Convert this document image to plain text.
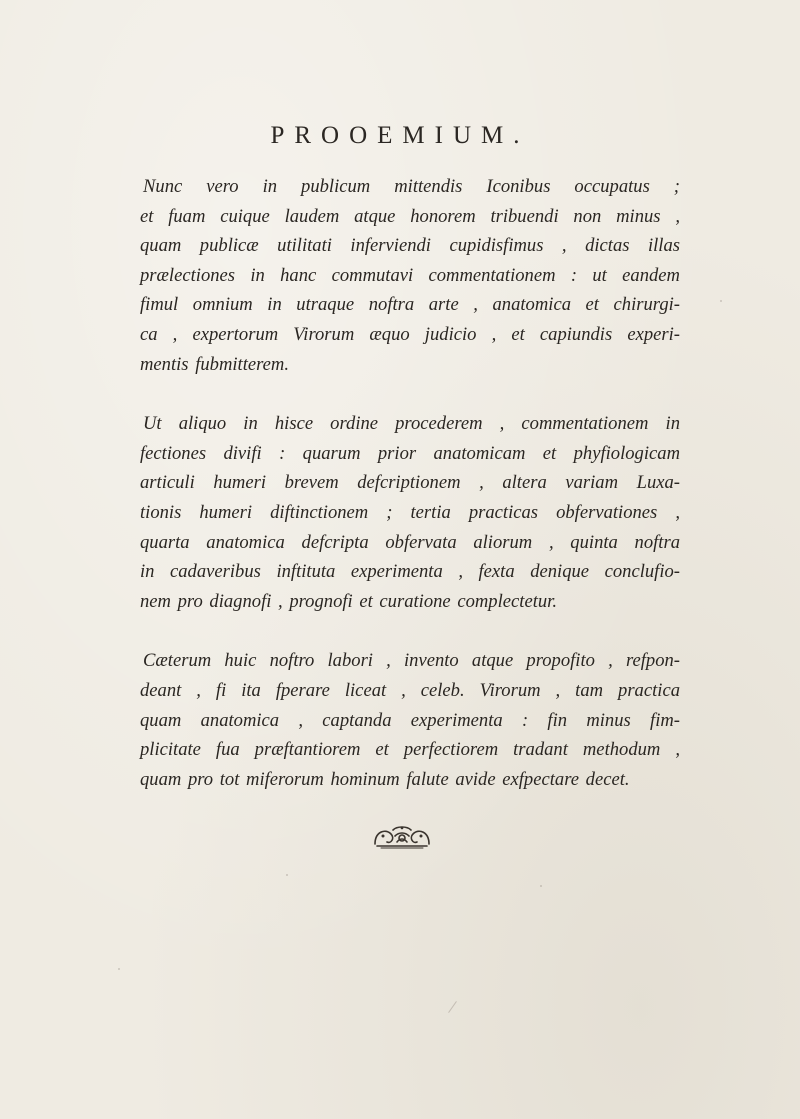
PROOEMIUM.
Nunc vero in publicum mittendis Iconibus occupatus ;
et fuam cuique laudem atque honorem tribuendi non minus ,
quam publicæ utilitati inferviendi cupidisfimus , dictas illas
prælectiones in hanc commutavi commentationem : ut eandem
fimul omnium in utraque noftra arte , anatomica et chirurgi-
ca , expertorum Virorum æquo judicio , et capiundis experi-
mentis fubmitterem.
Ut aliquo in hisce ordine procederem , commentationem in
fectiones divifi : quarum prior anatomicam et phyfiologicam
articuli humeri brevem defcriptionem , altera variam Luxa-
tionis humeri diftinctionem ; tertia practicas obfervationes ,
quarta anatomica defcripta obfervata aliorum , quinta noftra
in cadaveribus inftituta experimenta , fexta denique conclufio-
nem pro diagnofi , prognofi et curatione complectetur.
Cæterum huic noftro labori , invento atque propofito , refpon-
deant , fi ita fperare liceat , celeb. Virorum , tam practica
quam anatomica , captanda experimenta : fin minus fim-
plicitate fua præftantiorem et perfectiorem tradant methodum ,
quam pro tot miferorum hominum falute avide exfpectare decet.
